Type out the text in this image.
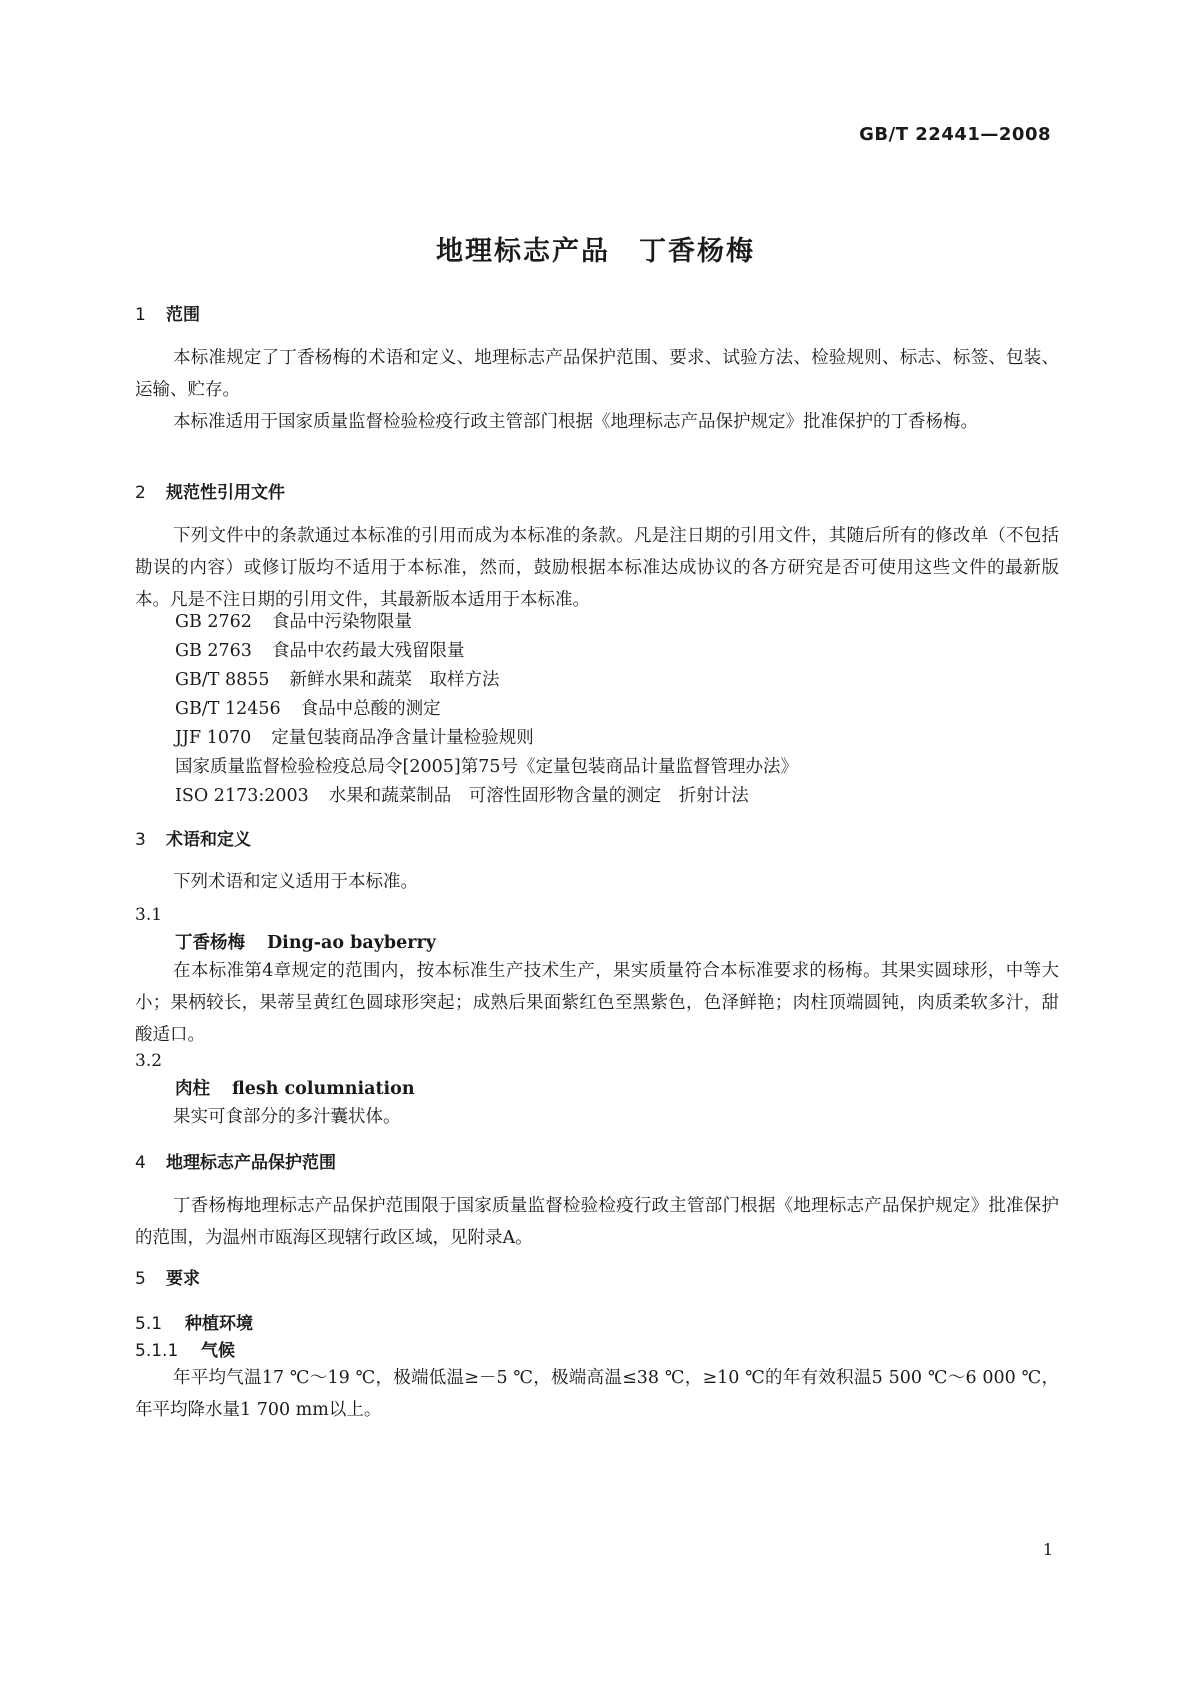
GB/T 22441—2008
地理标志产品　丁香杨梅
1 范围
本标准规定了丁香杨梅的术语和定义、地理标志产品保护范围、要求、试验方法、检验规则、标志、标签、包装、运输、贮存。
本标准适用于国家质量监督检验检疫行政主管部门根据《地理标志产品保护规定》批准保护的丁香杨梅。
2 规范性引用文件
下列文件中的条款通过本标准的引用而成为本标准的条款。凡是注日期的引用文件，其随后所有的修改单（不包括勘误的内容）或修订版均不适用于本标准，然而，鼓励根据本标准达成协议的各方研究是否可使用这些文件的最新版本。凡是不注日期的引用文件，其最新版本适用于本标准。
GB 2762 食品中污染物限量
GB 2763 食品中农药最大残留限量
GB/T 8855 新鲜水果和蔬菜　取样方法
GB/T 12456 食品中总酸的测定
JJF 1070 定量包装商品净含量计量检验规则
国家质量监督检验检疫总局令[2005]第75号《定量包装商品计量监督管理办法》
ISO 2173:2003 水果和蔬菜制品　可溶性固形物含量的测定　折射计法
3 术语和定义
下列术语和定义适用于本标准。
3.1
丁香杨梅 Ding-ao bayberry
在本标准第4章规定的范围内，按本标准生产技术生产，果实质量符合本标准要求的杨梅。其果实圆球形，中等大小；果柄较长，果蒂呈黄红色圆球形突起；成熟后果面紫红色至黑紫色，色泽鲜艳；肉柱顶端圆钝，肉质柔软多汁，甜酸适口。
3.2
肉柱 flesh columniation
果实可食部分的多汁囊状体。
4 地理标志产品保护范围
丁香杨梅地理标志产品保护范围限于国家质量监督检验检疫行政主管部门根据《地理标志产品保护规定》批准保护的范围，为温州市瓯海区现辖行政区域，见附录A。
5 要求
5.1 种植环境
5.1.1 气候
年平均气温17 ℃～19 ℃，极端低温≥－5 ℃，极端高温≤38 ℃，≥10 ℃的年有效积温5 500 ℃～6 000 ℃，年平均降水量1 700 mm以上。
1
